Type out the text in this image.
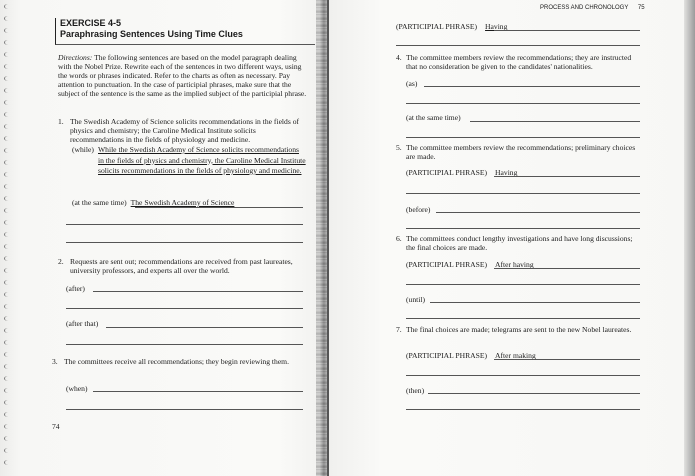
EXERCISE 4-5
Paraphrasing Sentences Using Time Clues
Directions: The following sentences are based on the model paragraph dealing with the Nobel Prize. Rewrite each of the sentences in two different ways, using the words or phrases indicated. Refer to the charts as often as necessary. Pay attention to punctuation. In the case of participial phrases, make sure that the subject of the sentence is the same as the implied subject of the participial phrase.
1. The Swedish Academy of Science solicits recommendations in the fields of physics and chemistry; the Caroline Medical Institute solicits recommendations in the fields of physiology and medicine.
(while) While the Swedish Academy of Science solicits recommendations in the fields of physics and chemistry, the Caroline Medical Institute solicits recommendations in the fields of physiology and medicine.
(at the same time) The Swedish Academy of Science
2. Requests are sent out; recommendations are received from past laureates, university professors, and experts all over the world.
(after)
(after that)
3. The committees receive all recommendations; they begin reviewing them.
(when)
74
PROCESS AND CHRONOLOGY 75
(PARTICIPIAL PHRASE) Having
4. The committee members review the recommendations; they are instructed that no consideration be given to the candidates' nationalities.
(as)
(at the same time)
5. The committee members review the recommendations; preliminary choices are made.
(PARTICIPIAL PHRASE) Having
(before)
6. The committees conduct lengthy investigations and have long discussions; the final choices are made.
(PARTICIPIAL PHRASE) After having
(until)
7. The final choices are made; telegrams are sent to the new Nobel laureates.
(PARTICIPIAL PHRASE) After making
(then)
